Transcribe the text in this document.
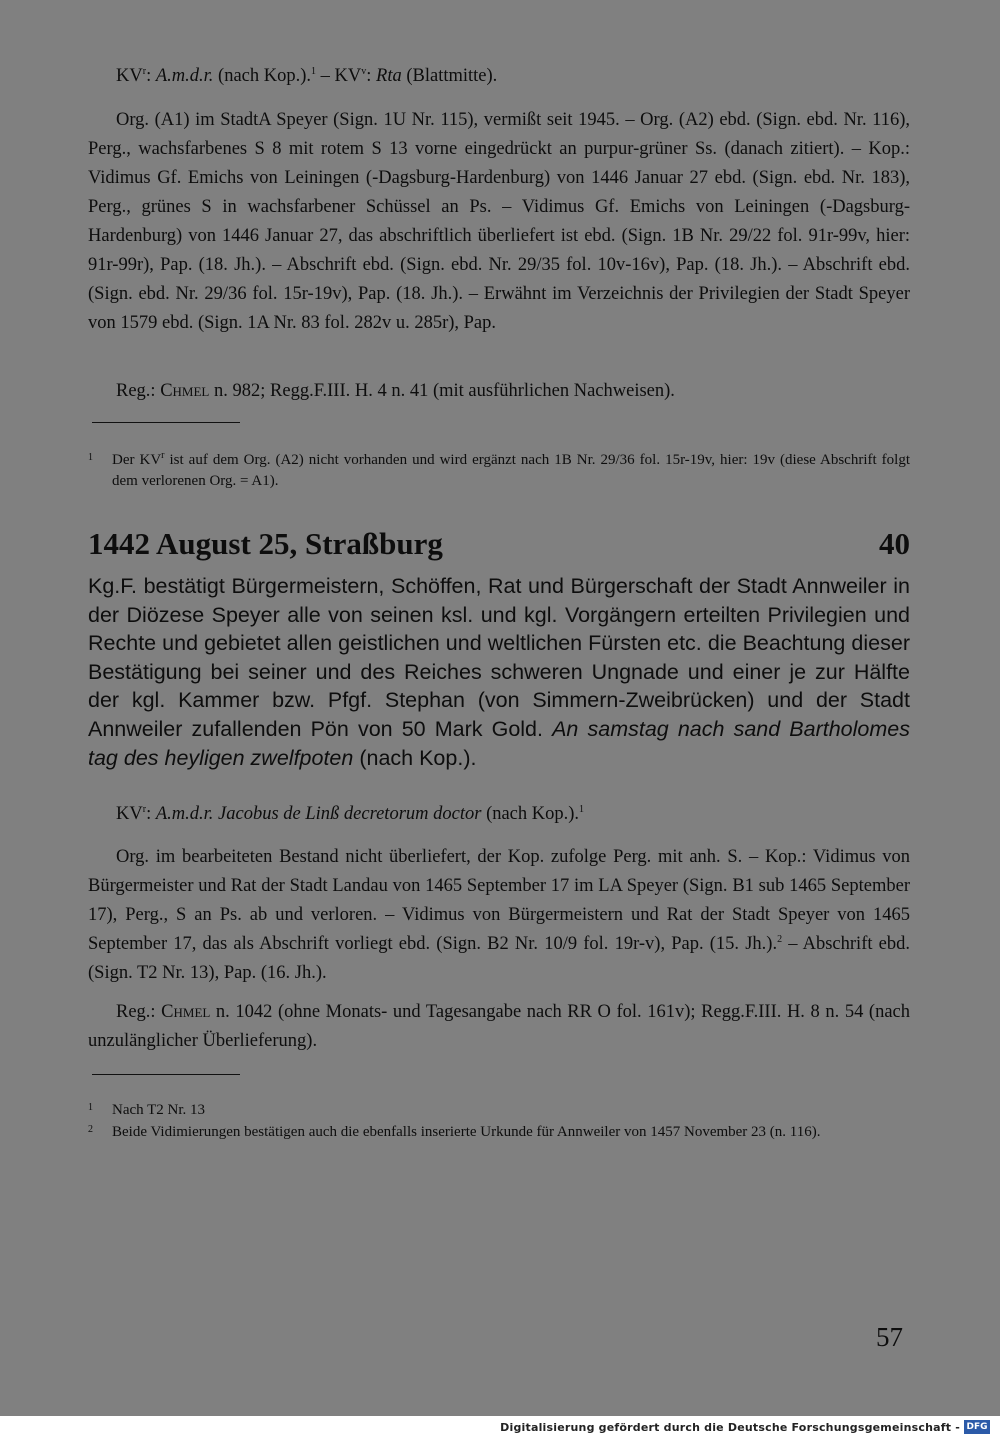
$KV^r$: A.m.d.r. (nach $Kop.).^1 - KV^v$: Rta (Blattmitte).

Org. (A1) im StadtA Speyer (Sign. 1U Nr. 115), vermißt seit 1945. – Org. (A2) ebd. (Sign. ebd. Nr. 116), Perg., wachsfarbenes S 8 mit rotem S 13 vorne eingedrückt an purpur-grüner Ss. (danach zitiert). – Kop.: Vidimus Gf. Emichs von Leiningen (-Dagsburg-Hardenburg) von 1446 Januar 27 ebd. (Sign. ebd. Nr. 183), Perg., grünes S in wachsfarbener Schüssel an Ps. – Vidimus Gf. Emichs von Leiningen (-Dagsburg-Hardenburg) von 1446 Januar 27, das abschriftlich überliefert ist ebd. (Sign. 1B Nr. 29/22 fol. 91r-99v, hier: 91r-99r), Pap. (18. Jh.). – Abschrift ebd. (Sign. ebd. Nr. 29/35 fol. 10v-16v), Pap. (18. Jh.). – Abschrift ebd. (Sign. ebd. Nr. 29/36 fol. 15r-19v), Pap. (18. Jh.). – Erwähnt im Verzeichnis der Privilegien der Stadt Speyer von 1579 ebd. (Sign. 1A Nr. 83 fol. 282v u. 285r), Pap.

Reg.: Chmel n. 982; Regg.F.III. H. 4 n. 41 (mit ausführlichen Nachweisen).

1	Der $KV^r$ ist auf dem Org. (A2) nicht vorhanden und wird ergänzt nach 1B Nr. 29/36 fol. 15r-19v, hier: 19v (diese Abschrift folgt dem verlorenen Org. = A1).

1442 August 25, Straßburg	40

Kg.F. bestätigt Bürgermeistern, Schöffen, Rat und Bürgerschaft der Stadt Annweiler in der Diözese Speyer alle von seinen ksl. und kgl. Vorgängern erteilten Privilegien und Rechte und gebietet allen geistlichen und weltlichen Fürsten etc. die Beachtung dieser Bestätigung bei seiner und des Reiches schweren Ungnade und einer je zur Hälfte der kgl. Kammer bzw. Pfgf. Stephan (von Simmern-Zweibrücken) und der Stadt Annweiler zufallenden Pön von 50 Mark Gold. An samstag nach sand Bartholomes tag des heyligen zwelfpoten (nach Kop.).

$KV^r$: A.m.d.r. Jacobus de Linß decretorum doctor (nach Kop.).$^1$

Org. im bearbeiteten Bestand nicht überliefert, der Kop. zufolge Perg. mit anh. S. – Kop.: Vidimus von Bürgermeister und Rat der Stadt Landau von 1465 September 17 im LA Speyer (Sign. B1 sub 1465 September 17), Perg., S an Ps. ab und verloren. – Vidimus von Bürgermeistern und Rat der Stadt Speyer von 1465 September 17, das als Abschrift vorliegt ebd. (Sign. B2 Nr. 10/9 fol. 19r-v), Pap. (15. Jh.).$^2$ – Abschrift ebd. (Sign. T2 Nr. 13), Pap. (16. Jh.).

Reg.: Chmel n. 1042 (ohne Monats- und Tagesangabe nach RR O fol. 161v); Regg.F.III. H. 8 n. 54 (nach unzulänglicher Überlieferung).

1	Nach T2 Nr. 13

2	Beide Vidimierungen bestätigen auch die ebenfalls inserierte Urkunde für Annweiler von 1457 November 23 (n. 116).

57
Digitalisierung gefördert durch die Deutsche Forschungsgemeinschaft - DFG
